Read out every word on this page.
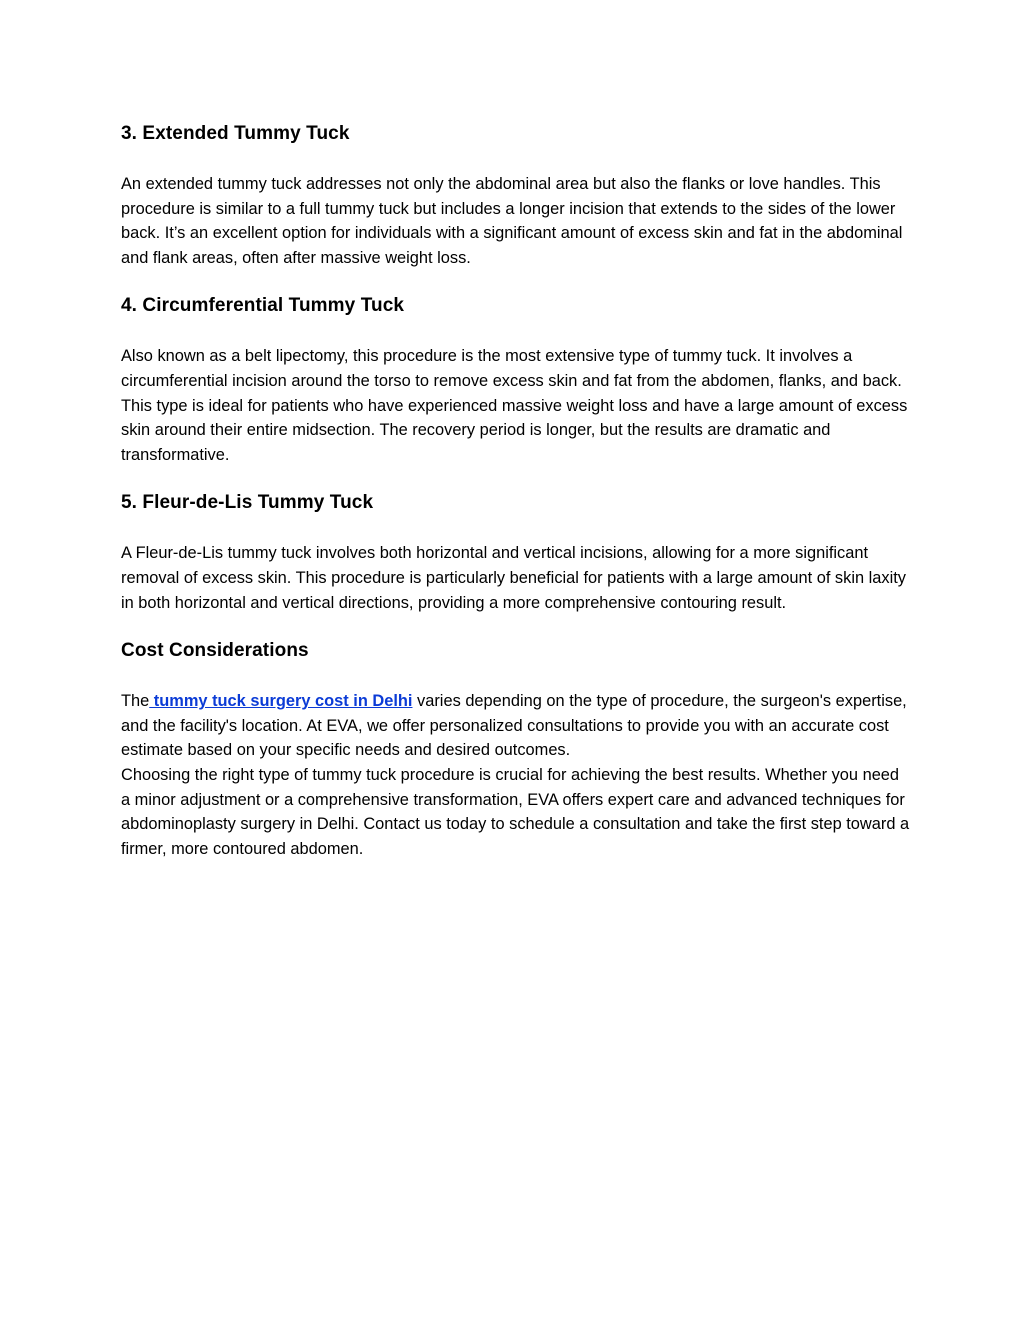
3. Extended Tummy Tuck

An extended tummy tuck addresses not only the abdominal area but also the flanks or love handles. This procedure is similar to a full tummy tuck but includes a longer incision that extends to the sides of the lower back. It’s an excellent option for individuals with a significant amount of excess skin and fat in the abdominal and flank areas, often after massive weight loss.

4. Circumferential Tummy Tuck

Also known as a belt lipectomy, this procedure is the most extensive type of tummy tuck. It involves a circumferential incision around the torso to remove excess skin and fat from the abdomen, flanks, and back. This type is ideal for patients who have experienced massive weight loss and have a large amount of excess skin around their entire midsection. The recovery period is longer, but the results are dramatic and transformative.

5. Fleur-de-Lis Tummy Tuck

A Fleur-de-Lis tummy tuck involves both horizontal and vertical incisions, allowing for a more significant removal of excess skin. This procedure is particularly beneficial for patients with a large amount of skin laxity in both horizontal and vertical directions, providing a more comprehensive contouring result.

Cost Considerations

The tummy tuck surgery cost in Delhi varies depending on the type of procedure, the surgeon's expertise, and the facility's location. At EVA, we offer personalized consultations to provide you with an accurate cost estimate based on your specific needs and desired outcomes.

Choosing the right type of tummy tuck procedure is crucial for achieving the best results. Whether you need a minor adjustment or a comprehensive transformation, EVA offers expert care and advanced techniques for abdominoplasty surgery in Delhi. Contact us today to schedule a consultation and take the first step toward a firmer, more contoured abdomen.
